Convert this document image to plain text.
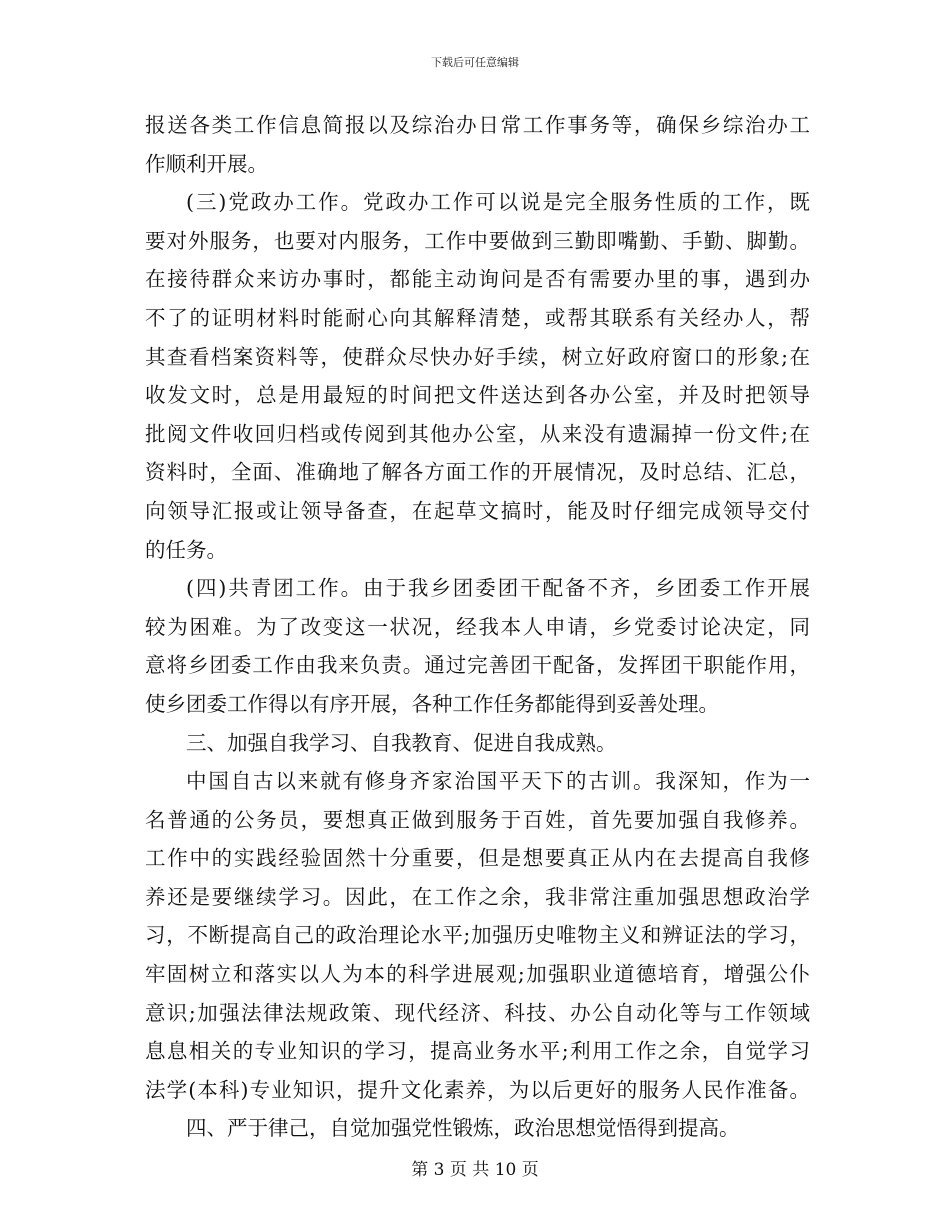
下载后可任意编辑
报送各类工作信息简报以及综治办日常工作事务等，确保乡综治办工
作顺利开展。
(三)党政办工作。党政办工作可以说是完全服务性质的工作，既
要对外服务，也要对内服务，工作中要做到三勤即嘴勤、手勤、脚勤。
在接待群众来访办事时，都能主动询问是否有需要办里的事，遇到办
不了的证明材料时能耐心向其解释清楚，或帮其联系有关经办人，帮
其查看档案资料等，使群众尽快办好手续，树立好政府窗口的形象;在
收发文时，总是用最短的时间把文件送达到各办公室，并及时把领导
批阅文件收回归档或传阅到其他办公室，从来没有遗漏掉一份文件;在
资料时，全面、准确地了解各方面工作的开展情况，及时总结、汇总，
向领导汇报或让领导备查，在起草文搞时，能及时仔细完成领导交付
的任务。
(四)共青团工作。由于我乡团委团干配备不齐，乡团委工作开展
较为困难。为了改变这一状况，经我本人申请，乡党委讨论决定，同
意将乡团委工作由我来负责。通过完善团干配备，发挥团干职能作用，
使乡团委工作得以有序开展，各种工作任务都能得到妥善处理。
三、加强自我学习、自我教育、促进自我成熟。
中国自古以来就有修身齐家治国平天下的古训。我深知，作为一
名普通的公务员，要想真正做到服务于百姓，首先要加强自我修养。
工作中的实践经验固然十分重要，但是想要真正从内在去提高自我修
养还是要继续学习。因此，在工作之余，我非常注重加强思想政治学
习，不断提高自己的政治理论水平;加强历史唯物主义和辨证法的学习，
牢固树立和落实以人为本的科学进展观;加强职业道德培育，增强公仆
意识;加强法律法规政策、现代经济、科技、办公自动化等与工作领域
息息相关的专业知识的学习，提高业务水平;利用工作之余，自觉学习
法学(本科)专业知识，提升文化素养，为以后更好的服务人民作准备。
四、严于律己，自觉加强党性锻炼，政治思想觉悟得到提高。
第 3 页 共 10 页
